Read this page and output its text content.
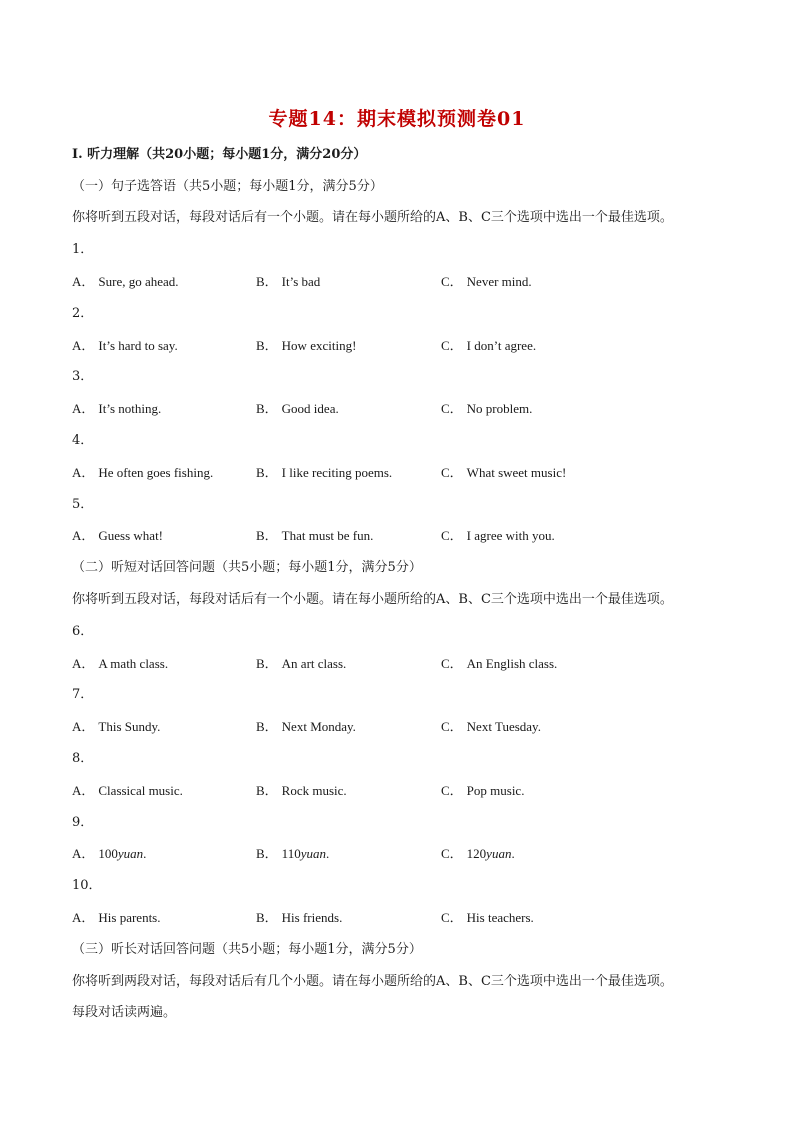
专题14：期末模拟预测卷01
I. 听力理解（共20小题；每小题1分，满分20分）
（一）句子选答语（共5小题；每小题1分，满分5分）
你将听到五段对话，每段对话后有一个小题。请在每小题所给的A、B、C三个选项中选出一个最佳选项。
1．
A． Sure, go ahead.	B． It’s bad	C． Never mind.
2．
A． It’s hard to say.	B． How exciting!	C． I don’t agree.
3．
A． It’s nothing.	B． Good idea.	C． No problem.
4．
A． He often goes fishing.	B． I like reciting poems.	C． What sweet music!
5．
A． Guess what!	B． That must be fun.	C． I agree with you.
（二）听短对话回答问题（共5小题；每小题1分，满分5分）
你将听到五段对话，每段对话后有一个小题。请在每小题所给的A、B、C三个选项中选出一个最佳选项。
6．
A． A math class.	B． An art class.	C． An English class.
7．
A． This Sundy.	B． Next Monday.	C． Next Tuesday.
8．
A． Classical music.	B． Rock music.	C． Pop music.
9．
A． 100yuan.	B． 110yuan.	C． 120yuan.
10．
A． His parents.	B． His friends.	C． His teachers.
（三）听长对话回答问题（共5小题；每小题1分，满分5分）
你将听到两段对话，每段对话后有几个小题。请在每小题所给的A、B、C三个选项中选出一个最佳选项。
每段对话读两遍。
